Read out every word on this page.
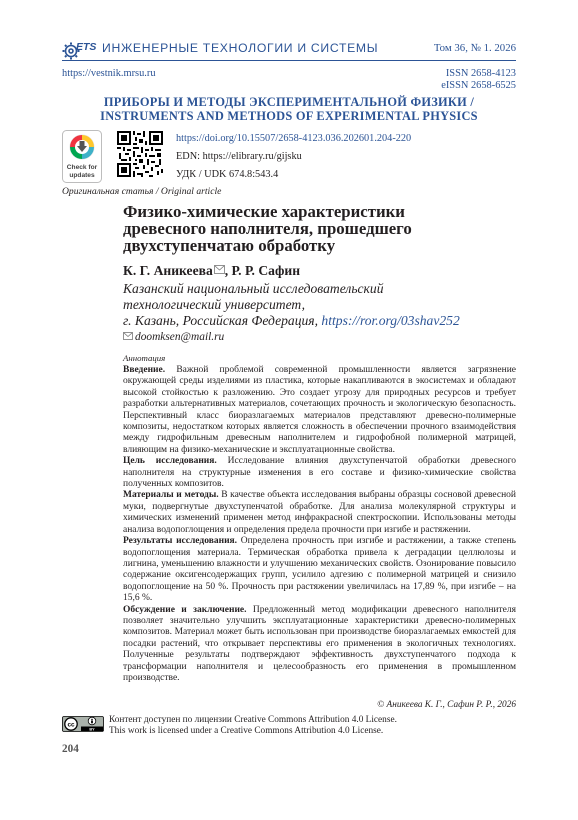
ETS ИНЖЕНЕРНЫЕ ТЕХНОЛОГИИ И СИСТЕМЫ	Том 36, № 1. 2026
https://vestnik.mrsu.ru	ISSN 2658-4123
eISSN 2658-6525
ПРИБОРЫ И МЕТОДЫ ЭКСПЕРИМЕНТАЛЬНОЙ ФИЗИКИ /
INSTRUMENTS AND METHODS OF EXPERIMENTAL PHYSICS
Check for
updates
https://doi.org/10.15507/2658-4123.036.202601.204-220
EDN: https://elibrary.ru/gijsku
УДК / UDK 674.8:543.4
Оригинальная статья / Original article
Физико-химические характеристики
древесного наполнителя, прошедшего
двухступенчатаю обработку
К. Г. Аникеева , Р. Р. Сафин
Казанский национальный исследовательский
технологический университет,
г. Казань, Российская Федерация, https://ror.org/03shav252
doomksen@mail.ru
Аннотация

Введение. Важной проблемой современной промышленности является загрязнение окружающей среды изделиями из пластика, которые накапливаются в экосистемах и обладают высокой стойкостью к разложению. Это создает угрозу для природных ресурсов и требует разработки альтернативных материалов, сочетающих прочность и экологическую безопасность. Перспективный класс биоразлагаемых материалов представляют древесно-полимерные композиты, недостатком которых является сложность в обеспечении прочного взаимодействия между гидрофильным древесным наполнителем и гидрофобной полимерной матрицей, влияющим на физико-механические и эксплуатационные свойства.

Цель исследования. Исследование влияния двухступенчатой обработки древесного наполнителя на структурные изменения в его составе и физико-химические свойства полученных композитов.

Материалы и методы. В качестве объекта исследования выбраны образцы сосновой древесной муки, подвергнутые двухступенчатой обработке. Для анализа молекулярной структуры и химических изменений применен метод инфракрасной спектроскопии. Использованы методы анализа водопоглощения и определения предела прочности при изгибе и растяжении.

Результаты исследования. Определена прочность при изгибе и растяжении, а также степень водопоглощения материала. Термическая обработка привела к деградации целлюлозы и лигнина, уменьшению влажности и улучшению механических свойств. Озонирование повысило содержание оксигенсодержащих групп, усилило адгезию с полимерной матрицей и снизило водопоглощение на 50 %. Прочность при растяжении увеличилась на 17,89 %, при изгибе – на 15,6 %.

Обсуждение и заключение. Предложенный метод модификации древесного наполнителя позволяет значительно улучшить эксплуатационные характеристики древесно-полимерных композитов. Материал может быть использован при производстве биоразлагаемых емкостей для посадки растений, что открывает перспективы его применения в экологичных технологиях. Полученные результаты подтверждают эффективность двухступенчатого подхода к трансформации наполнителя и целесообразность его применения в промышленном производстве.

© Аникеева К. Г., Сафин Р. Р., 2026
cc
BY
Контент доступен по лицензии Creative Commons Attribution 4.0 License.
This work is licensed under a Creative Commons Attribution 4.0 License.
204
